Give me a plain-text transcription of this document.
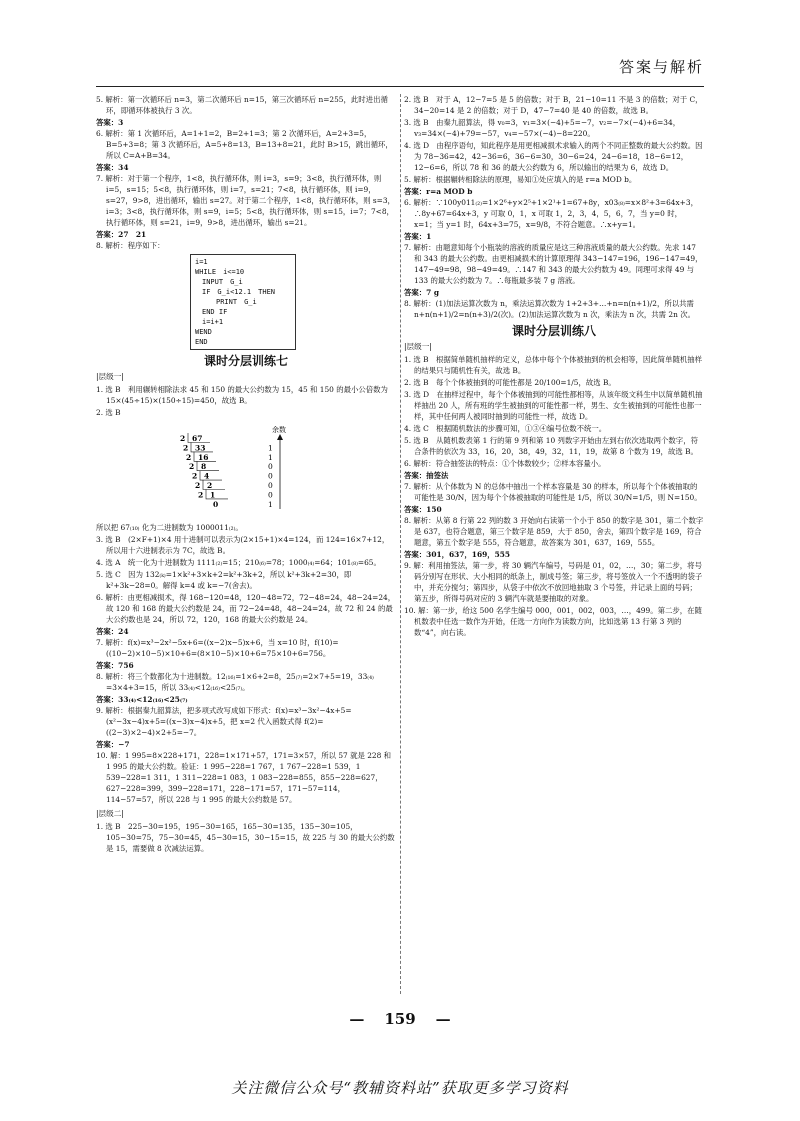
答案与解析

5. 解析：第一次循环后 n=3，第二次循环后 n=15，第三次循环后 n=255，此时进出循环，即循环体被执行 3 次。

答案：3

6. 解析：第 1 次循环后，A=1+1=2，B=2+1=3；第 2 次循环后，A=2+3=5，B=5+3=8；第 3 次循环后，A=5+8=13，B=13+8=21，此时 B>15，跳出循环，所以 C=A+B=34。

答案：34

7. 解析：对于第一个程序，1<8，执行循环体，则 i=3，s=9；3<8，执行循环体，则 i=5，s=15；5<8，执行循环体，则 i=7，s=21；7<8，执行循环体，则 i=9，s=27，9>8，进出循环，输出 s=27。对于第二个程序，1<8，执行循环体，则 s=3，i=3；3<8，执行循环体，则 s=9，i=5；5<8，执行循环体，则 s=15，i=7；7<8，执行循环体，则 s=21，i=9，9>8，进出循环，输出 s=21。

答案：27　21

8. 解析：程序如下：

i=1
WHILE　i<=10
　INPUT　G_i
　IF　G_i<12.1　THEN
　　　PRINT　G_i
　END IF
　i=i+1
WEND
END
课时分层训练七
|层级一|

1. 选 B　利用辗转相除法求 45 和 150 的最大公约数为 15，45 和 150 的最小公倍数为 15×(45÷15)×(150÷15)=450，故选 B。

2. 选 B

余数
2 67
2 33	1
2 16	1
2 8	0
2 4	0
2 2	0
2 1	0
0	1

所以把 67₍₁₀₎ 化为二进制数为 1000011₍₂₎。

3. 选 B　(2×F+1)×4 用十进制可以表示为(2×15+1)×4=124，而 124=16×7+12，所以用十六进制表示为 7C，故选 B。

4. 选 A　统一化为十进制数为 1111₍₂₎=15；210₍₆₎=78；1000₍₄₎=64；101₍₈₎=65。

5. 选 C　因为 132₍ₖ₎=1×k²+3×k+2=k²+3k+2，所以 k²+3k+2=30，即 k²+3k−28=0。解得 k=4 或 k=−7(舍去)。

6. 解析：由更相减损术，得 168−120=48，120−48=72，72−48=24，48−24=24，故 120 和 168 的最大公约数是 24，而 72−24=48，48−24=24，故 72 和 24 的最大公约数也是 24，所以 72，120，168 的最大公约数是 24。

答案：24

7. 解析：f(x)=x³−2x²−5x+6=((x−2)x−5)x+6，当 x=10 时，f(10)=((10−2)×10−5)×10+6=(8×10−5)×10+6=75×10+6=756。

答案：756

8. 解析：将三个数都化为十进制数。12₍₁₆₎=1×6+2=8，25₍₇₎=2×7+5=19，33₍₄₎=3×4+3=15，所以 33₍₄₎<12₍₁₆₎<25₍₇₎。

答案：33₍₄₎<12₍₁₆₎<25₍₇₎

9. 解析：根据秦九韶算法，把多项式改写成如下形式：f(x)=x³−3x²−4x+5=(x²−3x−4)x+5=((x−3)x−4)x+5，把 x=2 代入函数式得 f(2)=((2−3)×2−4)×2+5=−7。

答案：−7

10. 解：1 995=8×228+171，228=1×171+57，171=3×57，所以 57 就是 228 和 1 995 的最大公约数。验证：1 995−228=1 767，1 767−228=1 539，1 539−228=1 311，1 311−228=1 083，1 083−228=855，855−228=627，627−228=399，399−228=171，228−171=57，171−57=114，114−57=57，所以 228 与 1 995 的最大公约数是 57。

|层级二|

1. 选 B　225−30=195，195−30=165，165−30=135，135−30=105，105−30=75，75−30=45，45−30=15，30−15=15，故 225 与 30 的最大公约数是 15，需要做 8 次减法运算。

2. 选 B　对于 A，12−7=5 是 5 的倍数；对于 B，21−10=11 不是 3 的倍数；对于 C，34−20=14 是 2 的倍数；对于 D，47−7=40 是 40 的倍数，故选 B。

3. 选 B　由秦九韶算法，得 v₀=3，v₁=3×(−4)+5=−7，v₂=−7×(−4)+6=34，v₃=34×(−4)+79=−57，v₄=−57×(−4)−8=220。

4. 选 D　由程序语句，知此程序是用更相减损术求输入的两个不同正整数的最大公约数。因为 78−36=42，42−36=6，36−6=30，30−6=24，24−6=18，18−6=12，12−6=6，所以 78 和 36 的最大公约数为 6，所以输出的结果为 6，故选 D。

5. 解析：根据辗转相除法的原理，易知①处应填入的是 r=a MOD b。

答案：r=a MOD b

6. 解析：∵100y011₍₂₎=1×2⁶+y×2⁵+1×2¹+1=67+8y，x03₍₈₎=x×8²+3=64x+3，∴8y+67=64x+3，y 可取 0，1，x 可取 1，2，3，4，5，6，7，当 y=0 时，x=1；当 y=1 时，64x+3=75，x=9/8，不符合题意。∴x+y=1。

答案：1

7. 解析：由题意知每个小瓶装的溶液的质量应是这三种溶液质量的最大公约数。先求 147 和 343 的最大公约数。由更相减损术的计算原理得 343−147=196，196−147=49，147−49=98，98−49=49。∴147 和 343 的最大公约数为 49。同理可求得 49 与 133 的最大公约数为 7。∴每瓶最多装 7 g 溶液。

答案：7 g

8. 解析：(1)加法运算次数为 n，乘法运算次数为 1+2+3+…+n=n(n+1)/2，所以共需 n+n(n+1)/2=n(n+3)/2(次)。(2)加法运算次数为 n 次，乘法为 n 次，共需 2n 次。

课时分层训练八
|层级一|

1. 选 B　根据简单随机抽样的定义，总体中每个个体被抽到的机会相等，因此简单随机抽样的结果只与随机性有关，故选 B。

2. 选 B　每个个体被抽到的可能性都是 20/100=1/5，故选 B。

3. 选 D　在抽样过程中，每个个体被抽到的可能性都相等，从该年级文科生中以简单随机抽样抽出 20 人，所有班的学生被抽到的可能性都一样，男生、女生被抽到的可能性也都一样，其中任何两人被同时抽到的可能性一样，故选 D。

4. 选 C　根据随机数法的步骤可知，①③④编号位数不统一。

5. 选 B　从随机数表第 1 行的第 9 列和第 10 列数字开始由左到右依次选取两个数字，符合条件的依次为 33，16，20，38，49，32，11，19，故第 8 个数为 19，故选 B。

6. 解析：符合抽签法的特点：①个体数较少；②样本容量小。

答案：抽签法

7. 解析：从个体数为 N 的总体中抽出一个样本容量是 30 的样本，所以每个个体被抽取的可能性是 30/N，因为每个个体被抽取的可能性是 1/5，所以 30/N=1/5，则 N=150。

答案：150

8. 解析：从第 8 行第 22 列的数 3 开始向右读第一个小于 850 的数字是 301，第二个数字是 637，也符合题意，第三个数字是 859，大于 850，舍去，第四个数字是 169，符合题意，第五个数字是 555，符合题意，故答案为 301，637，169，555。

答案：301，637，169，555

9. 解：利用抽签法，第一步，将 30 辆汽车编号，号码是 01，02，…，30；第二步，将号码分别写在形状、大小相同的纸条上，制成号签；第三步，将号签放入一个不透明的袋子中，并充分搅匀；第四步，从袋子中依次不放回地抽取 3 个号签，并记录上面的号码；第五步，所得号码对应的 3 辆汽车就是要抽取的对象。

10. 解：第一步，给这 500 名学生编号 000，001，002，003，…，499。第二步，在随机数表中任选一数作为开始，任选一方向作为读数方向，比如选第 13 行第 3 列的数“4”，向右读。

— 159 —
关注微信公众号“教辅资料站”获取更多学习资料
